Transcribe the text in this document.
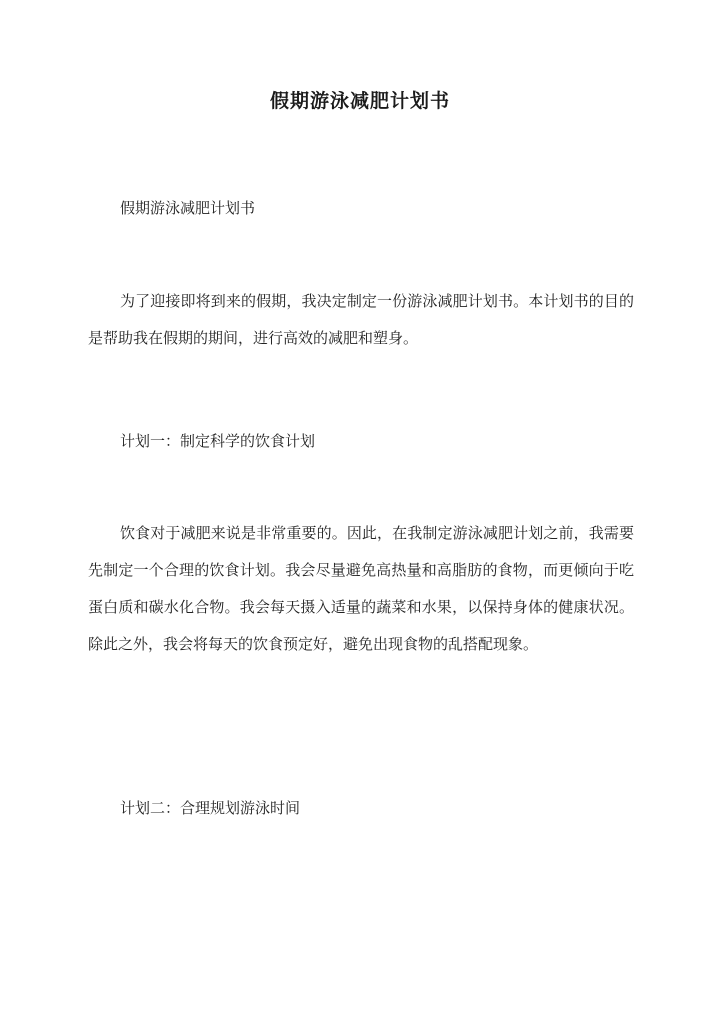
假期游泳减肥计划书

假期游泳减肥计划书

为了迎接即将到来的假期，我决定制定一份游泳减肥计划书。本计划书的目的是帮助我在假期的期间，进行高效的减肥和塑身。

计划一：制定科学的饮食计划

饮食对于减肥来说是非常重要的。因此，在我制定游泳减肥计划之前，我需要先制定一个合理的饮食计划。我会尽量避免高热量和高脂肪的食物，而更倾向于吃蛋白质和碳水化合物。我会每天摄入适量的蔬菜和水果，以保持身体的健康状况。除此之外，我会将每天的饮食预定好，避免出现食物的乱搭配现象。

计划二：合理规划游泳时间
